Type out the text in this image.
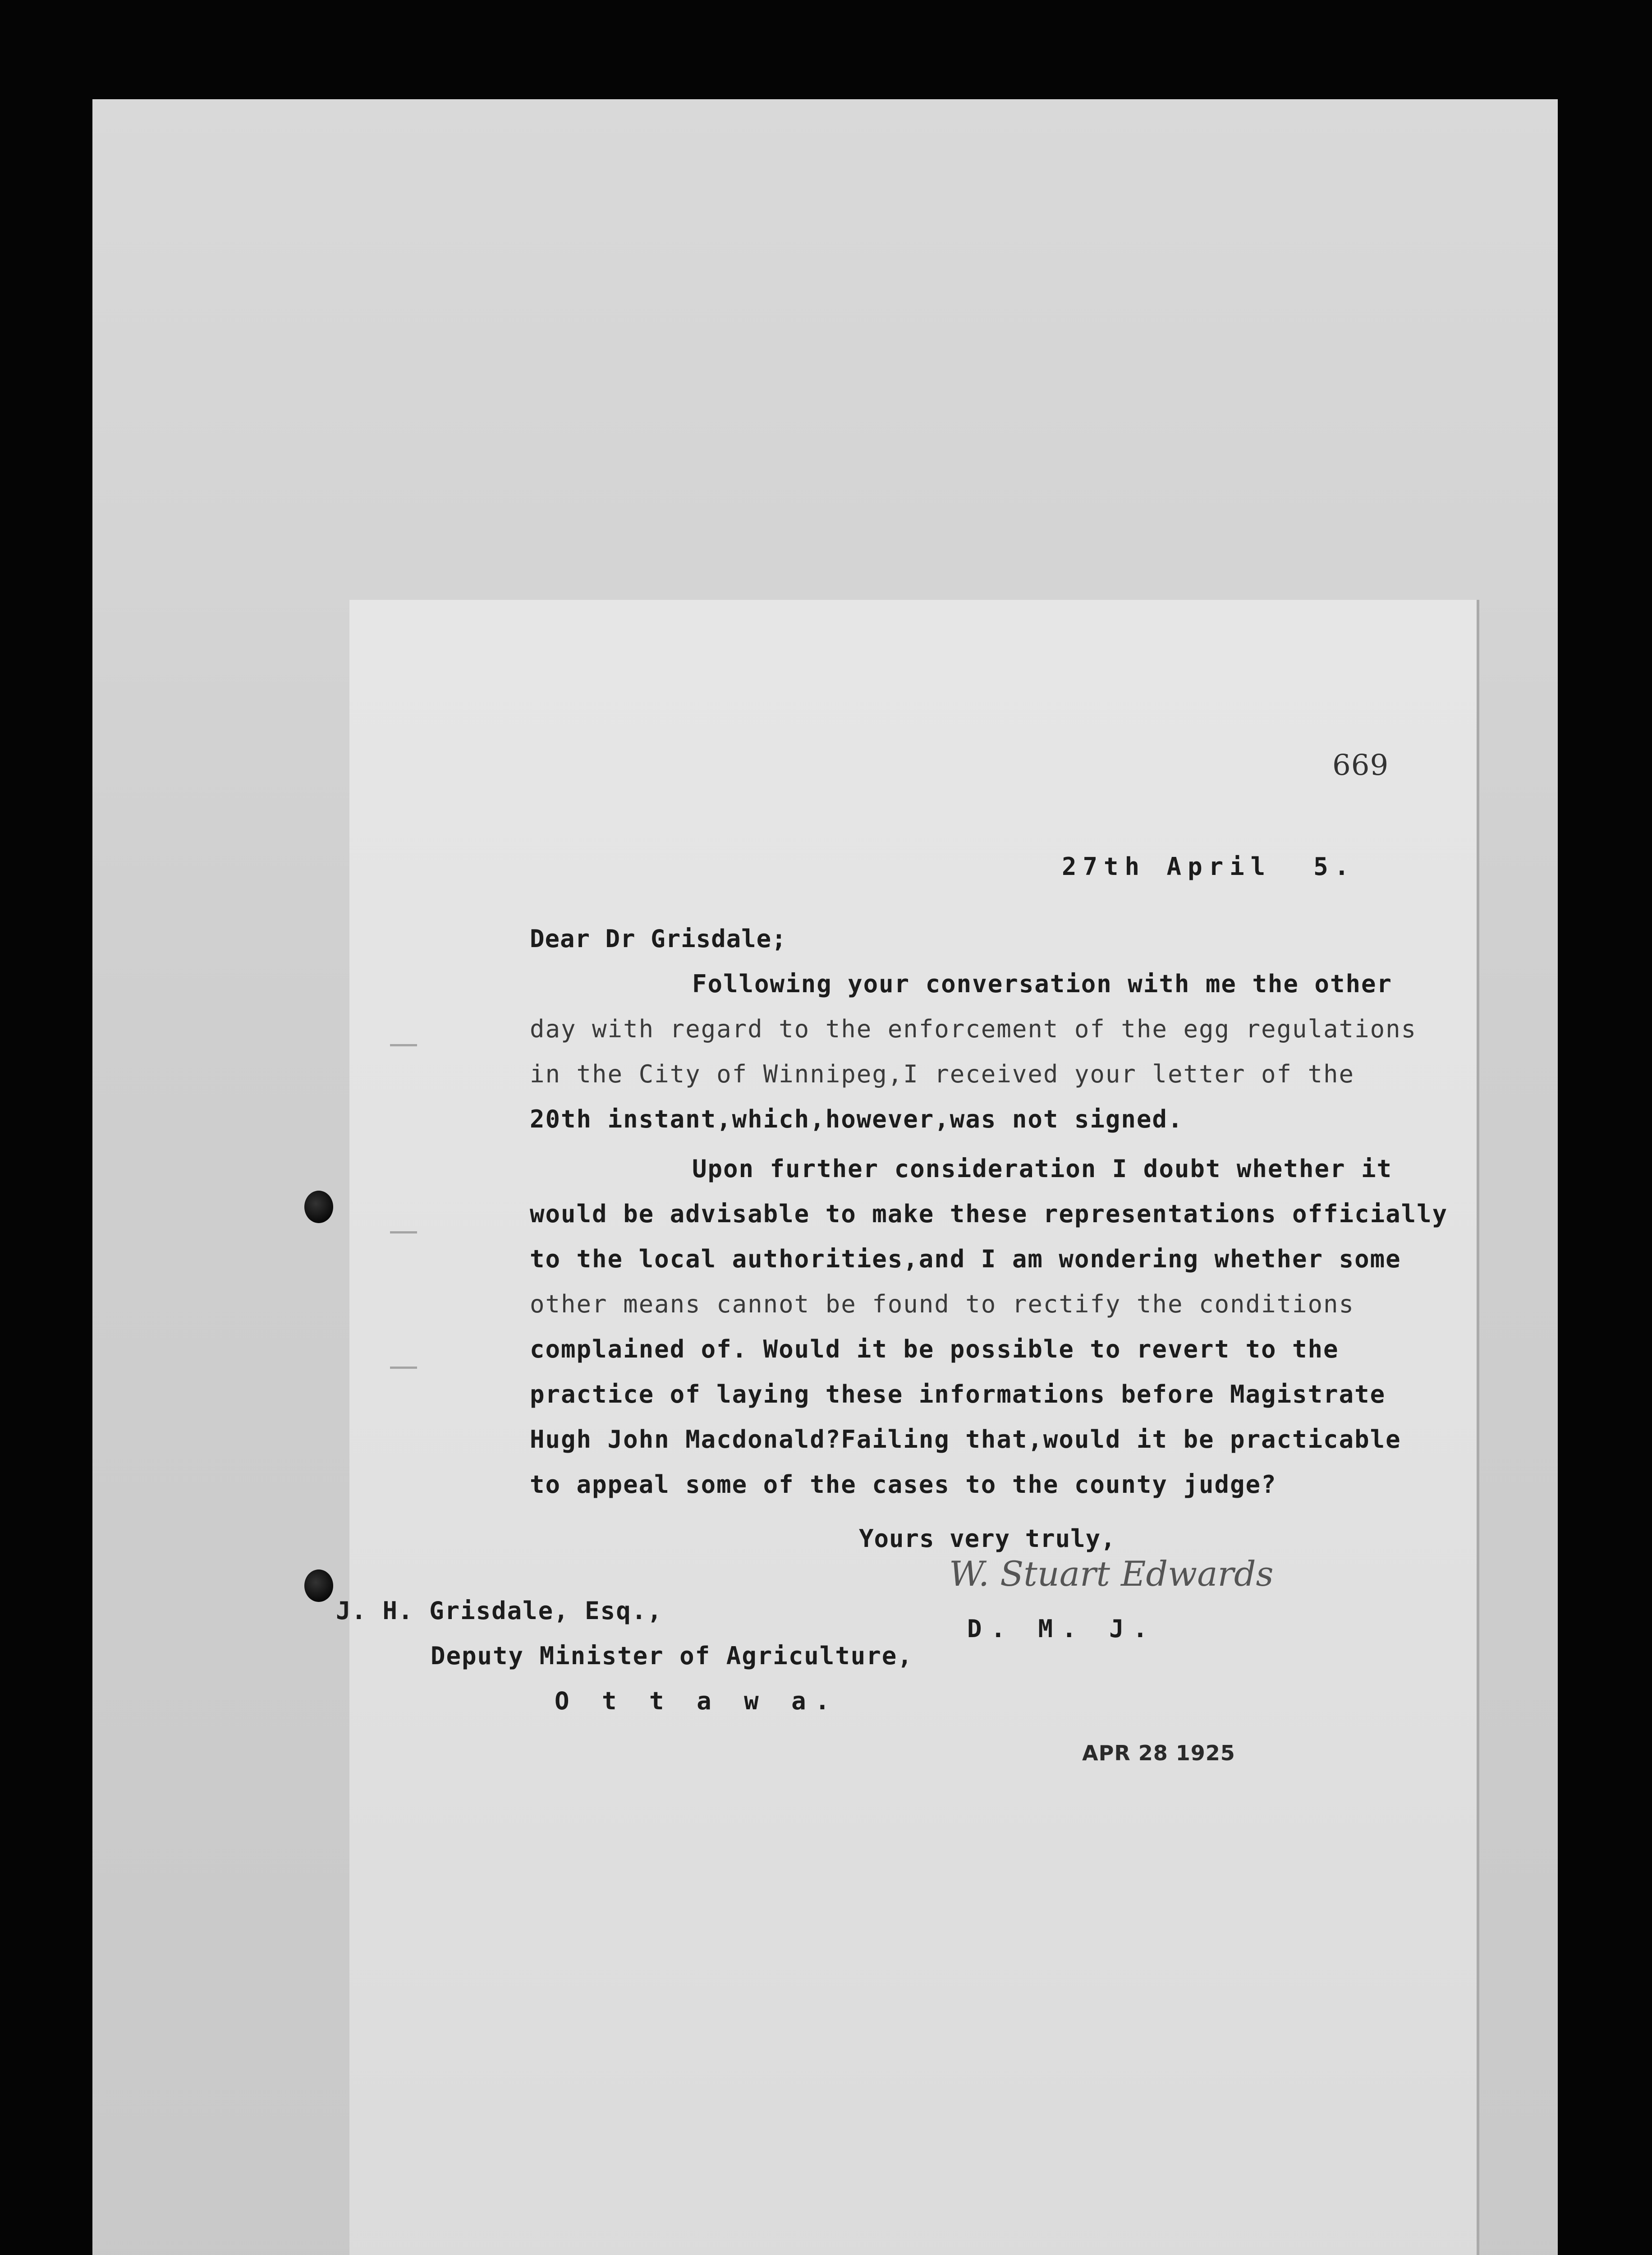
669
27th April  5.
Dear Dr Grisdale;
Following your conversation with me the other
day with regard to the enforcement of the egg regulations
in the City of Winnipeg,I received your letter of the
20th instant,which,however,was not signed.
Upon further consideration I doubt whether it
would be advisable to make these representations officially
to the local authorities,and I am wondering whether some
other means cannot be found to rectify the conditions
complained of. Would it be possible to revert to the
practice of laying these informations before Magistrate
Hugh John Macdonald?Failing that,would it be practicable
to appeal some of the cases to the county judge?
Yours very truly,
W. Stuart Edwards
D. M. J.
J. H. Grisdale, Esq.,
Deputy Minister of Agriculture,
O t t a w a.
APR 28 1925
